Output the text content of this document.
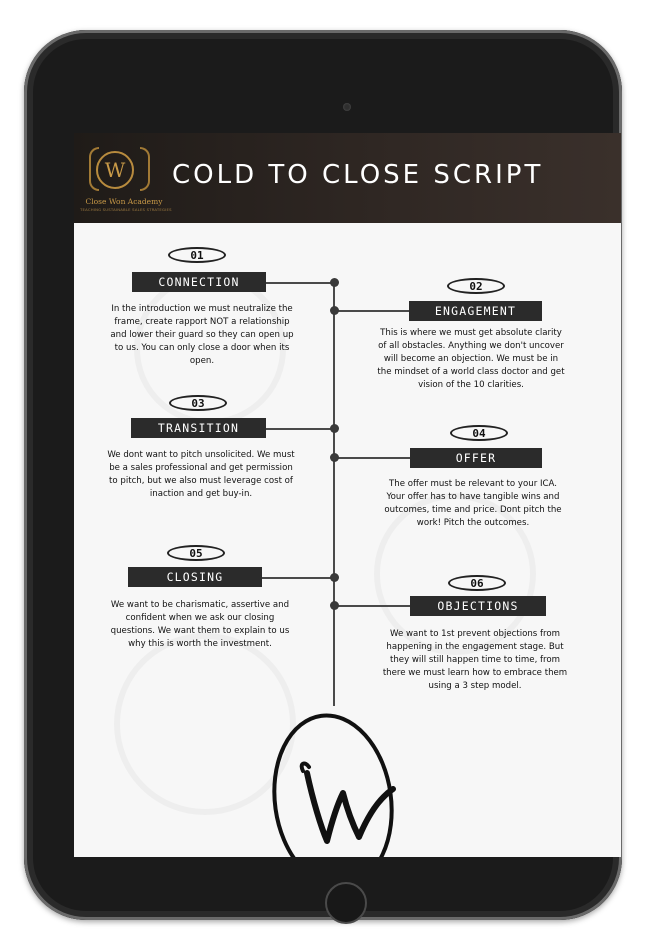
W
Close Won Academy
TEACHING SUSTAINABLE SALES STRATEGIES
COLD TO CLOSE SCRIPT
01
CONNECTION
In the introduction we must neutralize the frame, create rapport NOT a relationship and lower their guard so they can open up to us. You can only close a door when its open.
02
ENGAGEMENT
This is where we must get absolute clarity of all obstacles. Anything we don't uncover will become an objection. We must be in the mindset of a world class doctor and get vision of the 10 clarities.
03
TRANSITION
We dont want to pitch unsolicited. We must be a sales professional and get permission to pitch, but we also must leverage cost of inaction and get buy-in.
04
OFFER
The offer must be relevant to your ICA. Your offer has to have tangible wins and outcomes, time and price. Dont pitch the work! Pitch the outcomes.
05
CLOSING
We want to be charismatic, assertive and confident when we ask our closing questions. We want them to explain to us why this is worth the investment.
06
OBJECTIONS
We want to 1st prevent objections from happening in the engagement stage. But they will still happen time to time, from there we must learn how to embrace them using a 3 step model.
